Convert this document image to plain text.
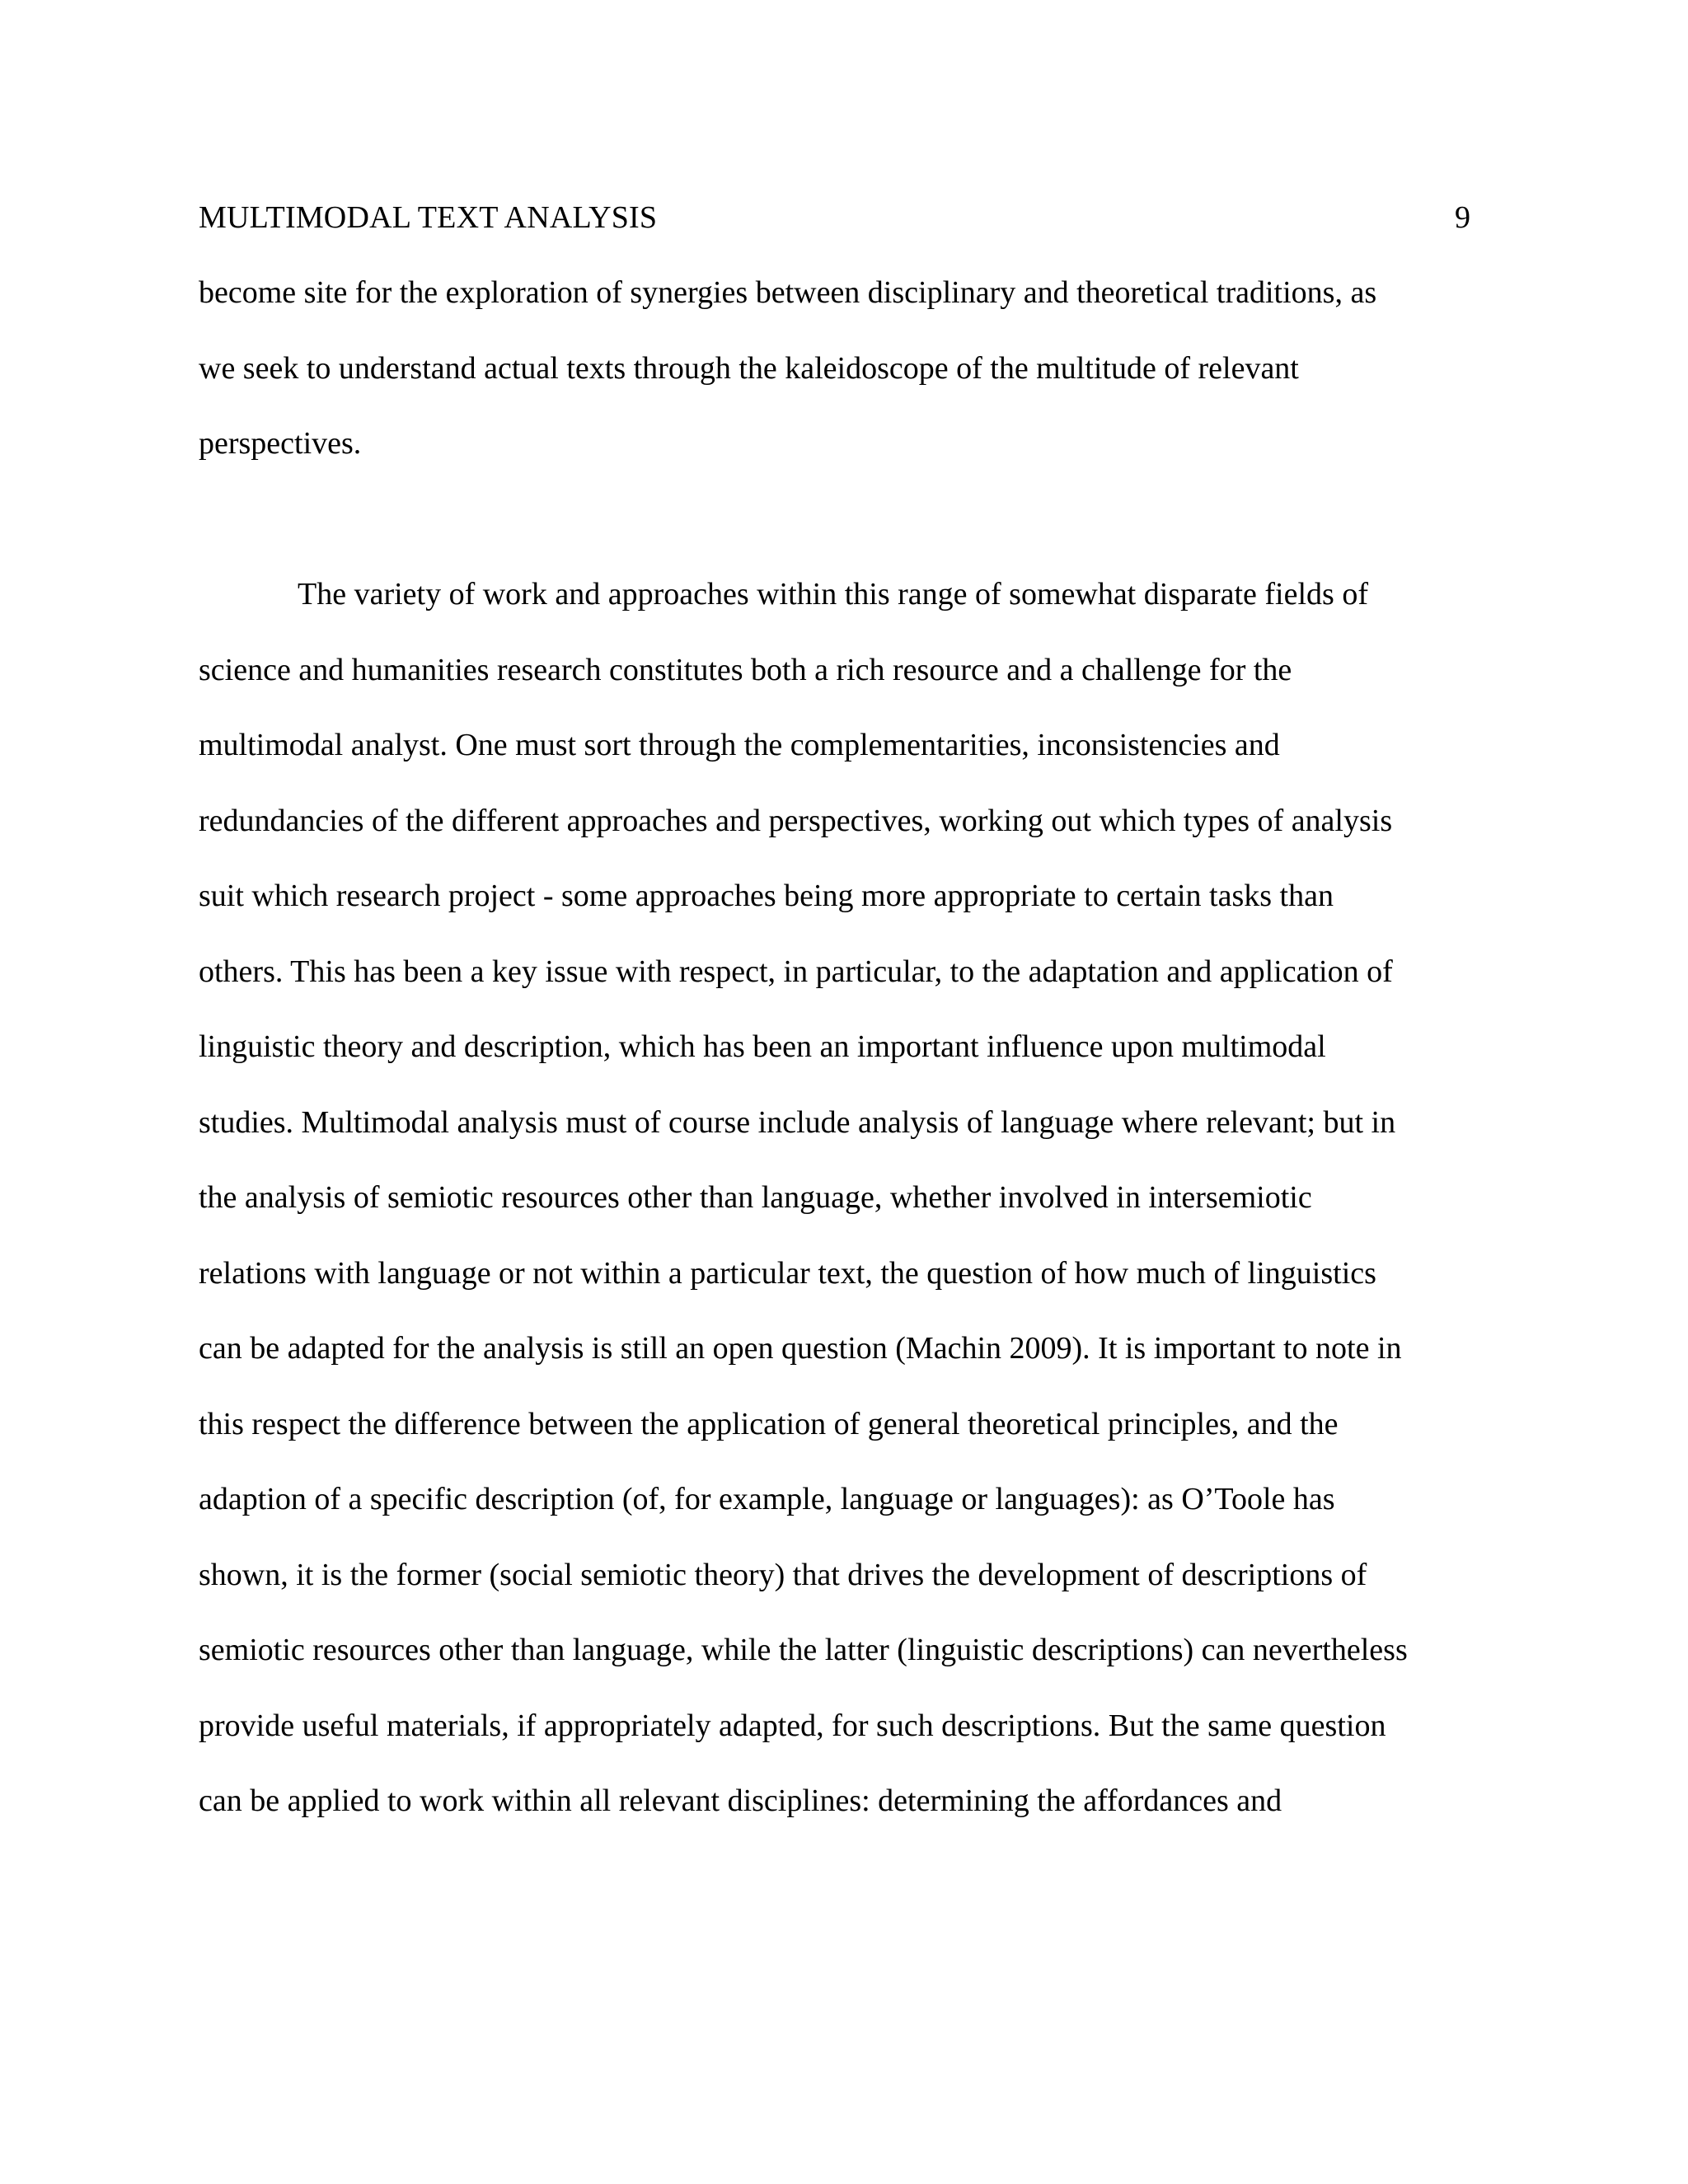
MULTIMODAL TEXT ANALYSIS	9
become site for the exploration of synergies between disciplinary and theoretical traditions, as
we seek to understand actual texts through the kaleidoscope of the multitude of relevant
perspectives.
The variety of work and approaches within this range of somewhat disparate fields of
science and humanities research constitutes both a rich resource and a challenge for the
multimodal analyst. One must sort through the complementarities, inconsistencies and
redundancies of the different approaches and perspectives, working out which types of analysis
suit which research project - some approaches being more appropriate to certain tasks than
others. This has been a key issue with respect, in particular, to the adaptation and application of
linguistic theory and description, which has been an important influence upon multimodal
studies. Multimodal analysis must of course include analysis of language where relevant; but in
the analysis of semiotic resources other than language, whether involved in intersemiotic
relations with language or not within a particular text, the question of how much of linguistics
can be adapted for the analysis is still an open question (Machin 2009). It is important to note in
this respect the difference between the application of general theoretical principles, and the
adaption of a specific description (of, for example, language or languages): as O’Toole has
shown, it is the former (social semiotic theory) that drives the development of descriptions of
semiotic resources other than language, while the latter (linguistic descriptions) can nevertheless
provide useful materials, if appropriately adapted, for such descriptions. But the same question
can be applied to work within all relevant disciplines: determining the affordances and
